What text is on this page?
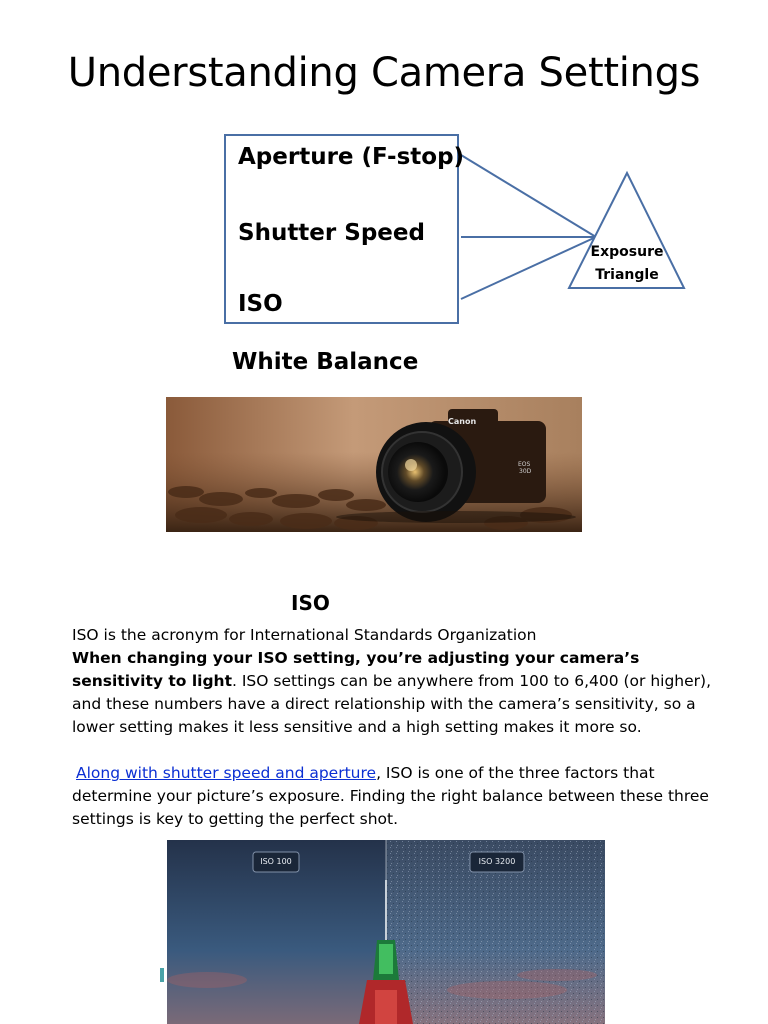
Understanding Camera Settings
Aperture (F-stop)
Shutter Speed
ISO
Exposure
Triangle
White Balance
Canon
EOS
30D
ISO
ISO is the acronym for International Standards Organization
When changing your ISO setting, you’re adjusting your camera’s sensitivity to light. ISO settings can be anywhere from 100 to 6,400 (or higher), and these numbers have a direct relationship with the camera’s sensitivity, so a lower setting makes it less sensitive and a high setting makes it more so.
Along with shutter speed and aperture, ISO is one of the three factors that determine your picture’s exposure. Finding the right balance between these three settings is key to getting the perfect shot.
ISO 100	ISO 3200
